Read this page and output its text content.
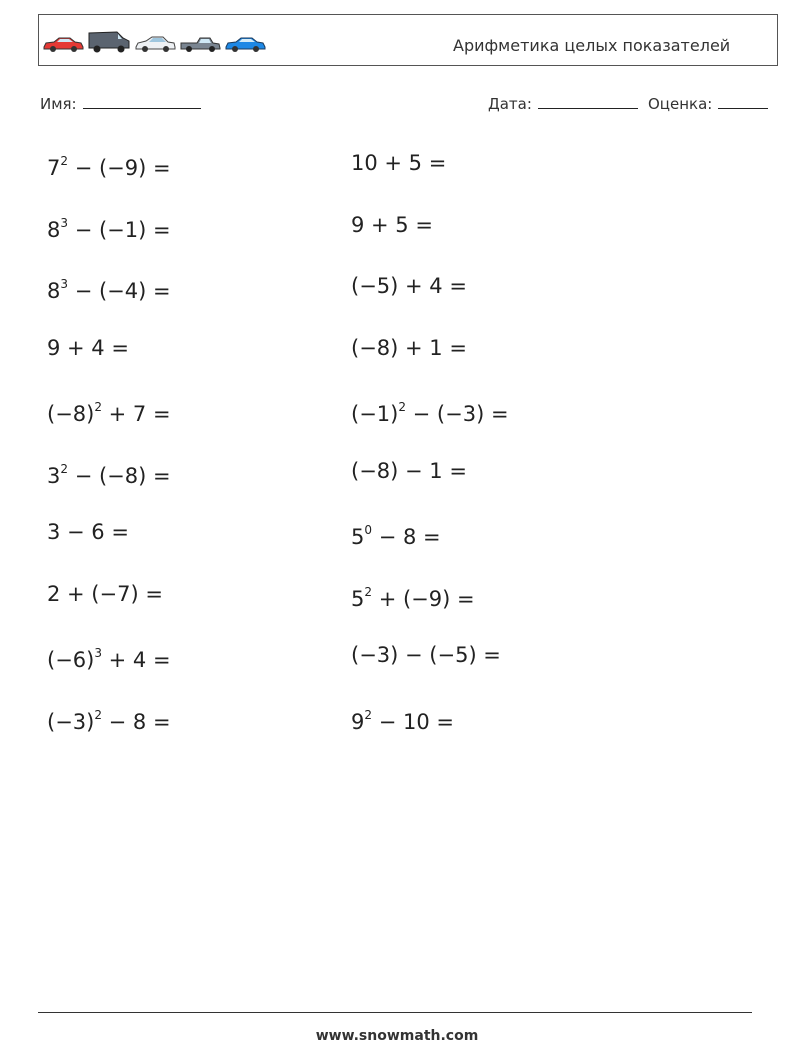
Арифметика целых показателей
Имя:	Дата:	Оценка:
$7^2 - (-9)$ =
$8^3 - (-1)$ =
$8^3 - (-4)$ =
9 + 4 =
$(-8)^2 + 7$ =
$3^2 - (-8)$ =
3 − 6 =
2 + (−7) =
$(-6)^3 + 4$ =
$(-3)^2 - 8$ =
10 + 5 =
9 + 5 =
(−5) + 4 =
(−8) + 1 =
$(-1)^2 - (-3)$ =
(−8) − 1 =
$5^0 - 8$ =
$5^2 + (-9)$ =
(−3) − (−5) =
$9^2 - 10$ =
www.snowmath.com
